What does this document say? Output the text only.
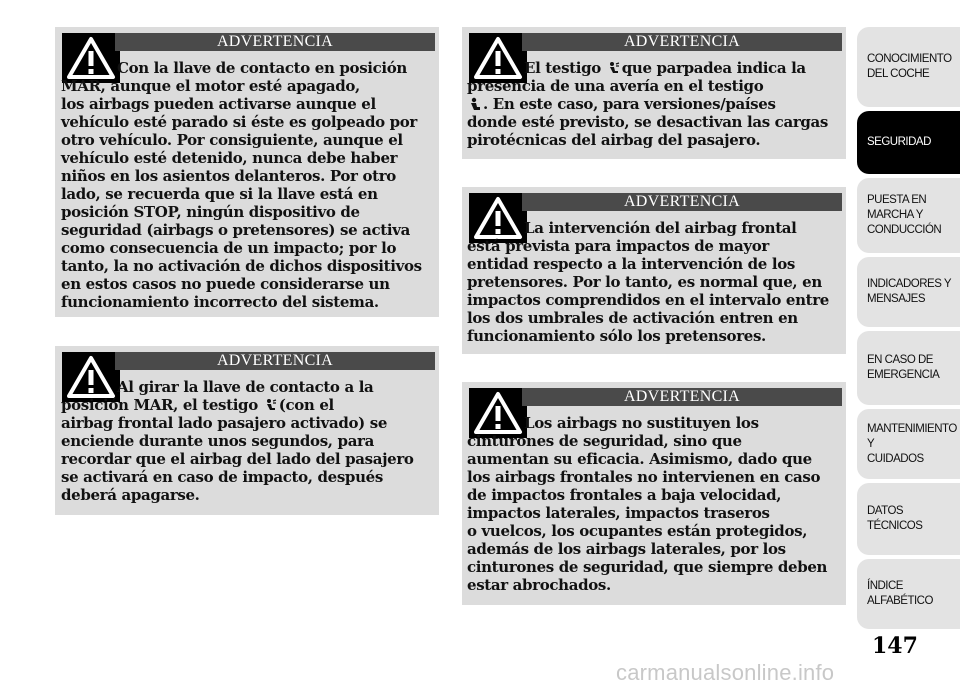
ADVERTENCIA
Con la llave de contacto en posición
MAR, aunque el motor esté apagado,
los airbags pueden activarse aunque el
vehículo esté parado si éste es golpeado por
otro vehículo. Por consiguiente, aunque el
vehículo esté detenido, nunca debe haber
niños en los asientos delanteros. Por otro
lado, se recuerda que si la llave está en
posición STOP, ningún dispositivo de
seguridad (airbags o pretensores) se activa
como consecuencia de un impacto; por lo
tanto, la no activación de dichos dispositivos
en estos casos no puede considerarse un
funcionamiento incorrecto del sistema.
ADVERTENCIA
Al girar la llave de contacto a la
posición MAR, el testigo (con el
airbag frontal lado pasajero activado) se
enciende durante unos segundos, para
recordar que el airbag del lado del pasajero
se activará en caso de impacto, después
deberá apagarse.
ADVERTENCIA
El testigo que parpadea indica la
presencia de una avería en el testigo
. En este caso, para versiones/países
donde esté previsto, se desactivan las cargas
pirotécnicas del airbag del pasajero.
ADVERTENCIA
La intervención del airbag frontal
está prevista para impactos de mayor
entidad respecto a la intervención de los
pretensores. Por lo tanto, es normal que, en
impactos comprendidos en el intervalo entre
los dos umbrales de activación entren en
funcionamiento sólo los pretensores.
ADVERTENCIA
Los airbags no sustituyen los
cinturones de seguridad, sino que
aumentan su eficacia. Asimismo, dado que
los airbags frontales no intervienen en caso
de impactos frontales a baja velocidad,
impactos laterales, impactos traseros
o vuelcos, los ocupantes están protegidos,
además de los airbags laterales, por los
cinturones de seguridad, que siempre deben
estar abrochados.
CONOCIMIENTO
DEL COCHE
SEGURIDAD
PUESTA EN
MARCHA Y
CONDUCCIÓN
INDICADORES Y
MENSAJES
EN CASO DE
EMERGENCIA
MANTENIMIENTO Y
CUIDADOS
DATOS TÉCNICOS
ÍNDICE
ALFABÉTICO
147
carmanualsonline.info
